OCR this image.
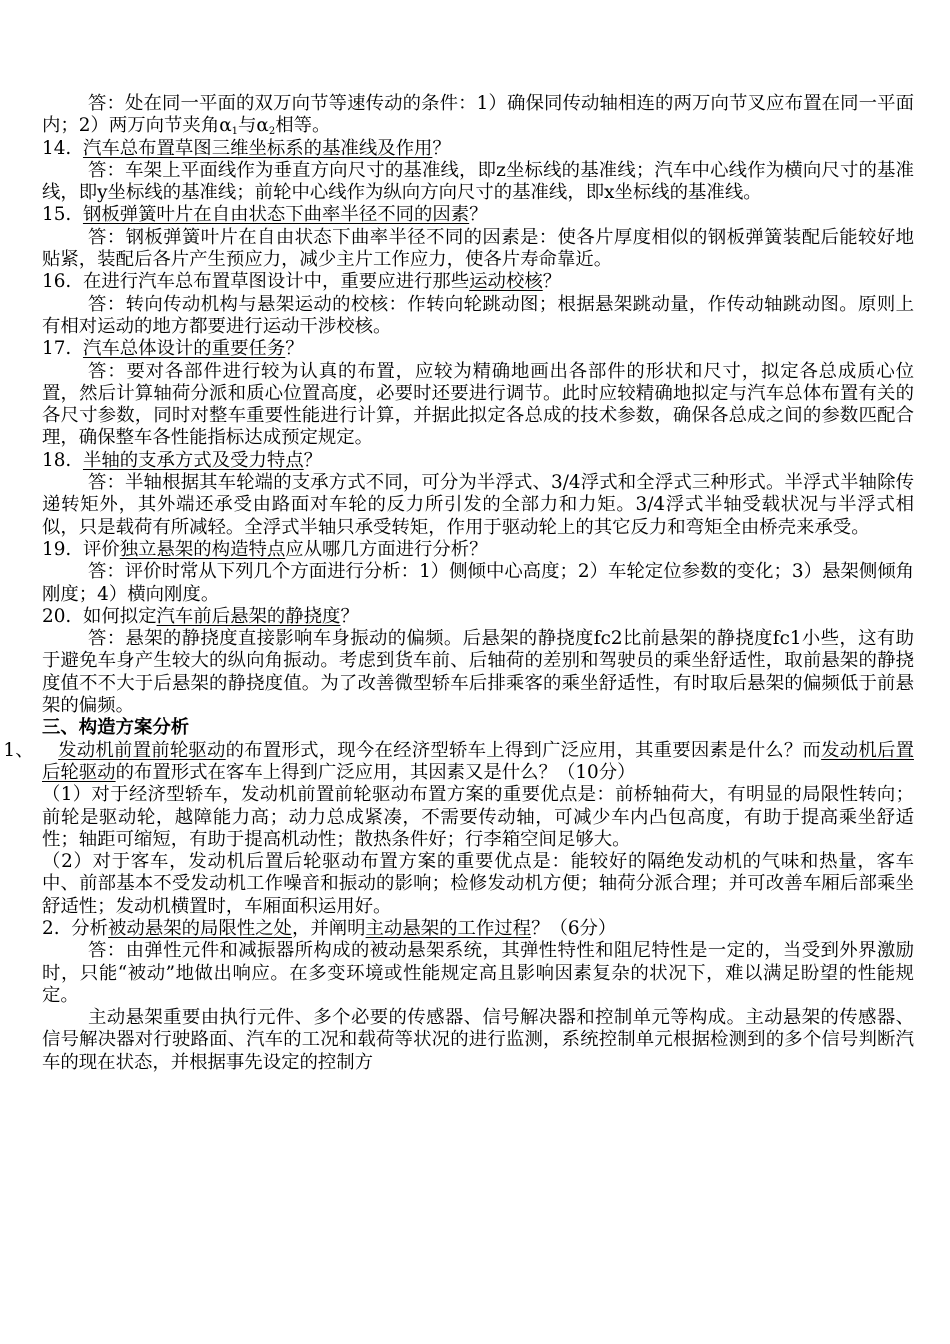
答：处在同一平面的双万向节等速传动的条件：1）确保同传动轴相连的两万向节叉应布置在同一平面内；2）两万向节夹角$\alpha_1$与$\alpha_2$相等。

14.  汽车总布置草图三维坐标系的基准线及作用？

答：车架上平面线作为垂直方向尺寸的基准线，即z坐标线的基准线；汽车中心线作为横向尺寸的基准线，即y坐标线的基准线；前轮中心线作为纵向方向尺寸的基准线，即x坐标线的基准线。

15.  钢板弹簧叶片在自由状态下曲率半径不同的因素？

答：钢板弹簧叶片在自由状态下曲率半径不同的因素是：使各片厚度相似的钢板弹簧装配后能较好地贴紧，装配后各片产生预应力，减少主片工作应力，使各片寿命靠近。

16.  在进行汽车总布置草图设计中，重要应进行那些运动校核？

答：转向传动机构与悬架运动的校核：作转向轮跳动图；根据悬架跳动量，作传动轴跳动图。原则上有相对运动的地方都要进行运动干涉校核。

17.  汽车总体设计的重要任务？

答：要对各部件进行较为认真的布置，应较为精确地画出各部件的形状和尺寸，拟定各总成质心位置，然后计算轴荷分派和质心位置高度，必要时还要进行调节。此时应较精确地拟定与汽车总体布置有关的各尺寸参数，同时对整车重要性能进行计算，并据此拟定各总成的技术参数，确保各总成之间的参数匹配合理，确保整车各性能指标达成预定规定。

18.  半轴的支承方式及受力特点？

答：半轴根据其车轮端的支承方式不同，可分为半浮式、3/4浮式和全浮式三种形式。半浮式半轴除传递转矩外，其外端还承受由路面对车轮的反力所引发的全部力和力矩。3/4浮式半轴受载状况与半浮式相似，只是载荷有所减轻。全浮式半轴只承受转矩，作用于驱动轮上的其它反力和弯矩全由桥壳来承受。

19.  评价独立悬架的构造特点应从哪几方面进行分析？

答：评价时常从下列几个方面进行分析：1）侧倾中心高度；2）车轮定位参数的变化；3）悬架侧倾角刚度；4）横向刚度。

20.  如何拟定汽车前后悬架的静挠度？

答：悬架的静挠度直接影响车身振动的偏频。后悬架的静挠度fc2比前悬架的静挠度fc1小些，这有助于避免车身产生较大的纵向角振动。考虑到货车前、后轴荷的差别和驾驶员的乘坐舒适性，取前悬架的静挠度值不不大于后悬架的静挠度值。为了改善微型轿车后排乘客的乘坐舒适性，有时取后悬架的偏频低于前悬架的偏频。

三、构造方案分析

1、    发动机前置前轮驱动的布置形式，现今在经济型轿车上得到广泛应用，其重要因素是什么？而发动机后置后轮驱动的布置形式在客车上得到广泛应用，其因素又是什么？（10分）

（1）对于经济型轿车，发动机前置前轮驱动布置方案的重要优点是：前桥轴荷大，有明显的局限性转向；前轮是驱动轮，越障能力高；动力总成紧凑，不需要传动轴，可减少车内凸包高度，有助于提高乘坐舒适性；轴距可缩短，有助于提高机动性；散热条件好；行李箱空间足够大。

（2）对于客车，发动机后置后轮驱动布置方案的重要优点是：能较好的隔绝发动机的气味和热量，客车中、前部基本不受发动机工作噪音和振动的影响；检修发动机方便；轴荷分派合理；并可改善车厢后部乘坐舒适性；发动机横置时，车厢面积运用好。

2.  分析被动悬架的局限性之处，并阐明主动悬架的工作过程？（6分）

答：由弹性元件和减振器所构成的被动悬架系统，其弹性特性和阻尼特性是一定的，当受到外界激励时，只能“被动”地做出响应。在多变环境或性能规定高且影响因素复杂的状况下，难以满足盼望的性能规定。

主动悬架重要由执行元件、多个必要的传感器、信号解决器和控制单元等构成。主动悬架的传感器、信号解决器对行驶路面、汽车的工况和载荷等状况的进行监测，系统控制单元根据检测到的多个信号判断汽车的现在状态，并根据事先设定的控制方
